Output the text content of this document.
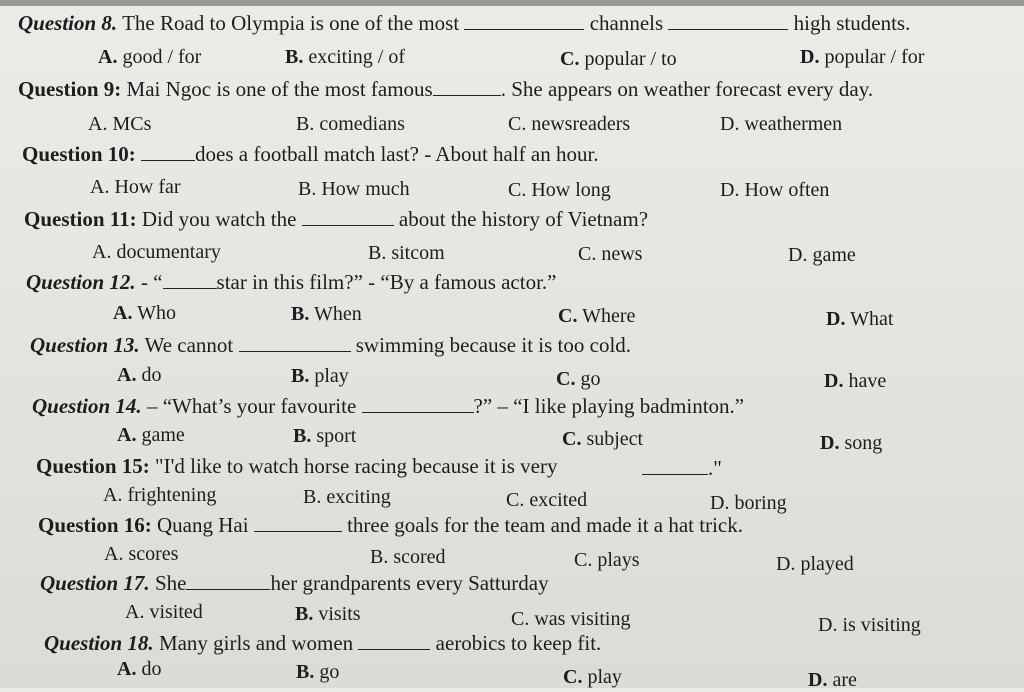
Question 8. The Road to Olympia is one of the most	channels	high students.
A. good / for	B. exciting / of	C. popular / to	D. popular / for
Question 9: Mai Ngoc is one of the most famous	. She appears on weather forecast every day.
A. MCs	B. comedians	C. newsreaders	D. weathermen
Question 10:	does a football match last? - About half an hour.
A. How far	B. How much	C. How long	D. How often
Question 11: Did you watch the	about the history of Vietnam?
A. documentary	B. sitcom	C. news	D. game
Question 12. - “	star in this film?” - “By a famous actor.”
A. Who	B. When	C. Where	D. What
Question 13. We cannot	swimming because it is too cold.
A. do	B. play	C. go	D. have
Question 14. – “What’s your favourite	?” – “I like playing badminton.”
A. game	B. sport	C. subject	D. song
Question 15: "I'd like to watch horse racing because it is very	."
A. frightening	B. exciting	C. excited	D. boring
Question 16: Quang Hai	three goals for the team and made it a hat trick.
A. scores	B. scored	C. plays	D. played
Question 17. She	her grandparents every Satturday
A. visited	B. visits	C. was visiting	D. is visiting
Question 18. Many girls and women	aerobics to keep fit.
A. do	B. go	C. play	D. are
